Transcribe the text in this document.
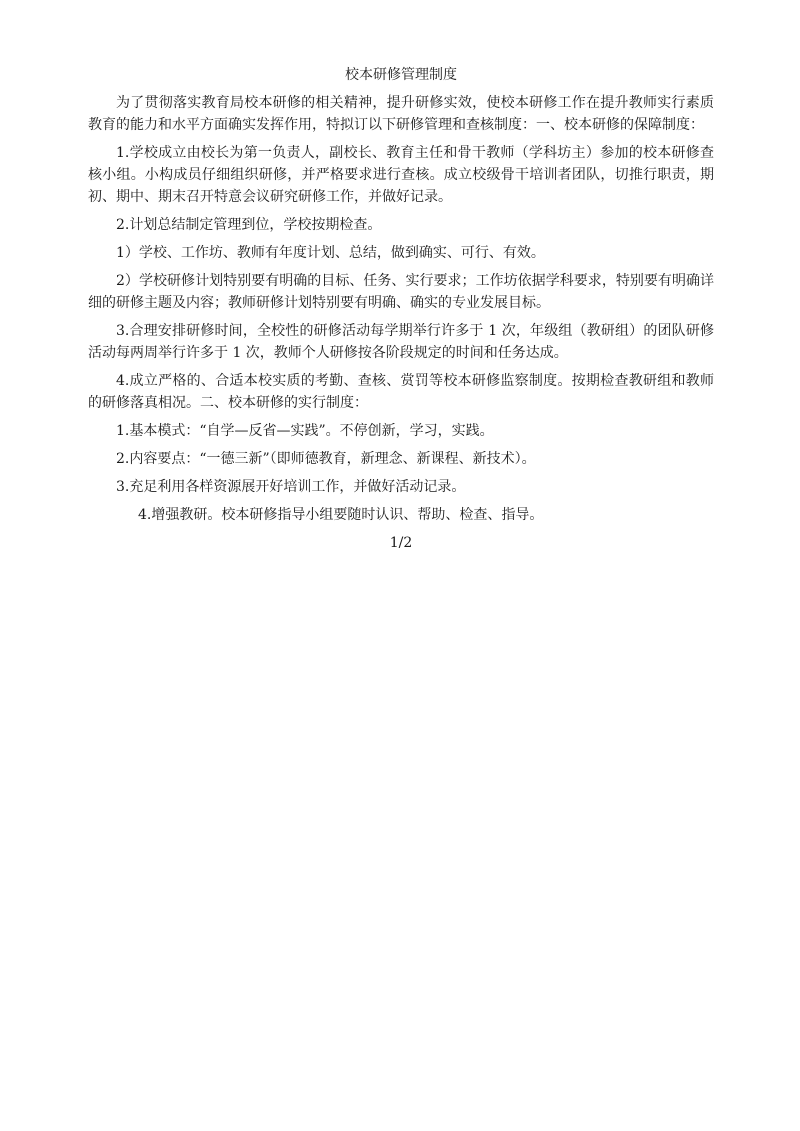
校本研修管理制度

为了贯彻落实教育局校本研修的相关精神，提升研修实效，使校本研修工作在提升教师实行素质教育的能力和水平方面确实发挥作用，特拟订以下研修管理和查核制度：一、校本研修的保障制度：

1.学校成立由校长为第一负责人，副校长、教育主任和骨干教师（学科坊主）参加的校本研修查核小组。小构成员仔细组织研修，并严格要求进行查核。成立校级骨干培训者团队，切推行职责，期初、期中、期末召开特意会议研究研修工作，并做好记录。

2.计划总结制定管理到位，学校按期检查。

1）学校、工作坊、教师有年度计划、总结，做到确实、可行、有效。

2）学校研修计划特别要有明确的目标、任务、实行要求；工作坊依据学科要求，特别要有明确详细的研修主题及内容；教师研修计划特别要有明确、确实的专业发展目标。

3.合理安排研修时间，全校性的研修活动每学期举行许多于 1 次，年级组（教研组）的团队研修活动每两周举行许多于 1 次，教师个人研修按各阶段规定的时间和任务达成。

4.成立严格的、合适本校实质的考勤、查核、赏罚等校本研修监察制度。按期检查教研组和教师的研修落真相况。二、校本研修的实行制度：

1.基本模式：“自学—反省—实践”。不停创新，学习，实践。

2.内容要点：“一德三新”（即师德教育，新理念、新课程、新技术）。

3.充足利用各样资源展开好培训工作，并做好活动记录。

4.增强教研。校本研修指导小组要随时认识、帮助、检查、指导。

1/2
